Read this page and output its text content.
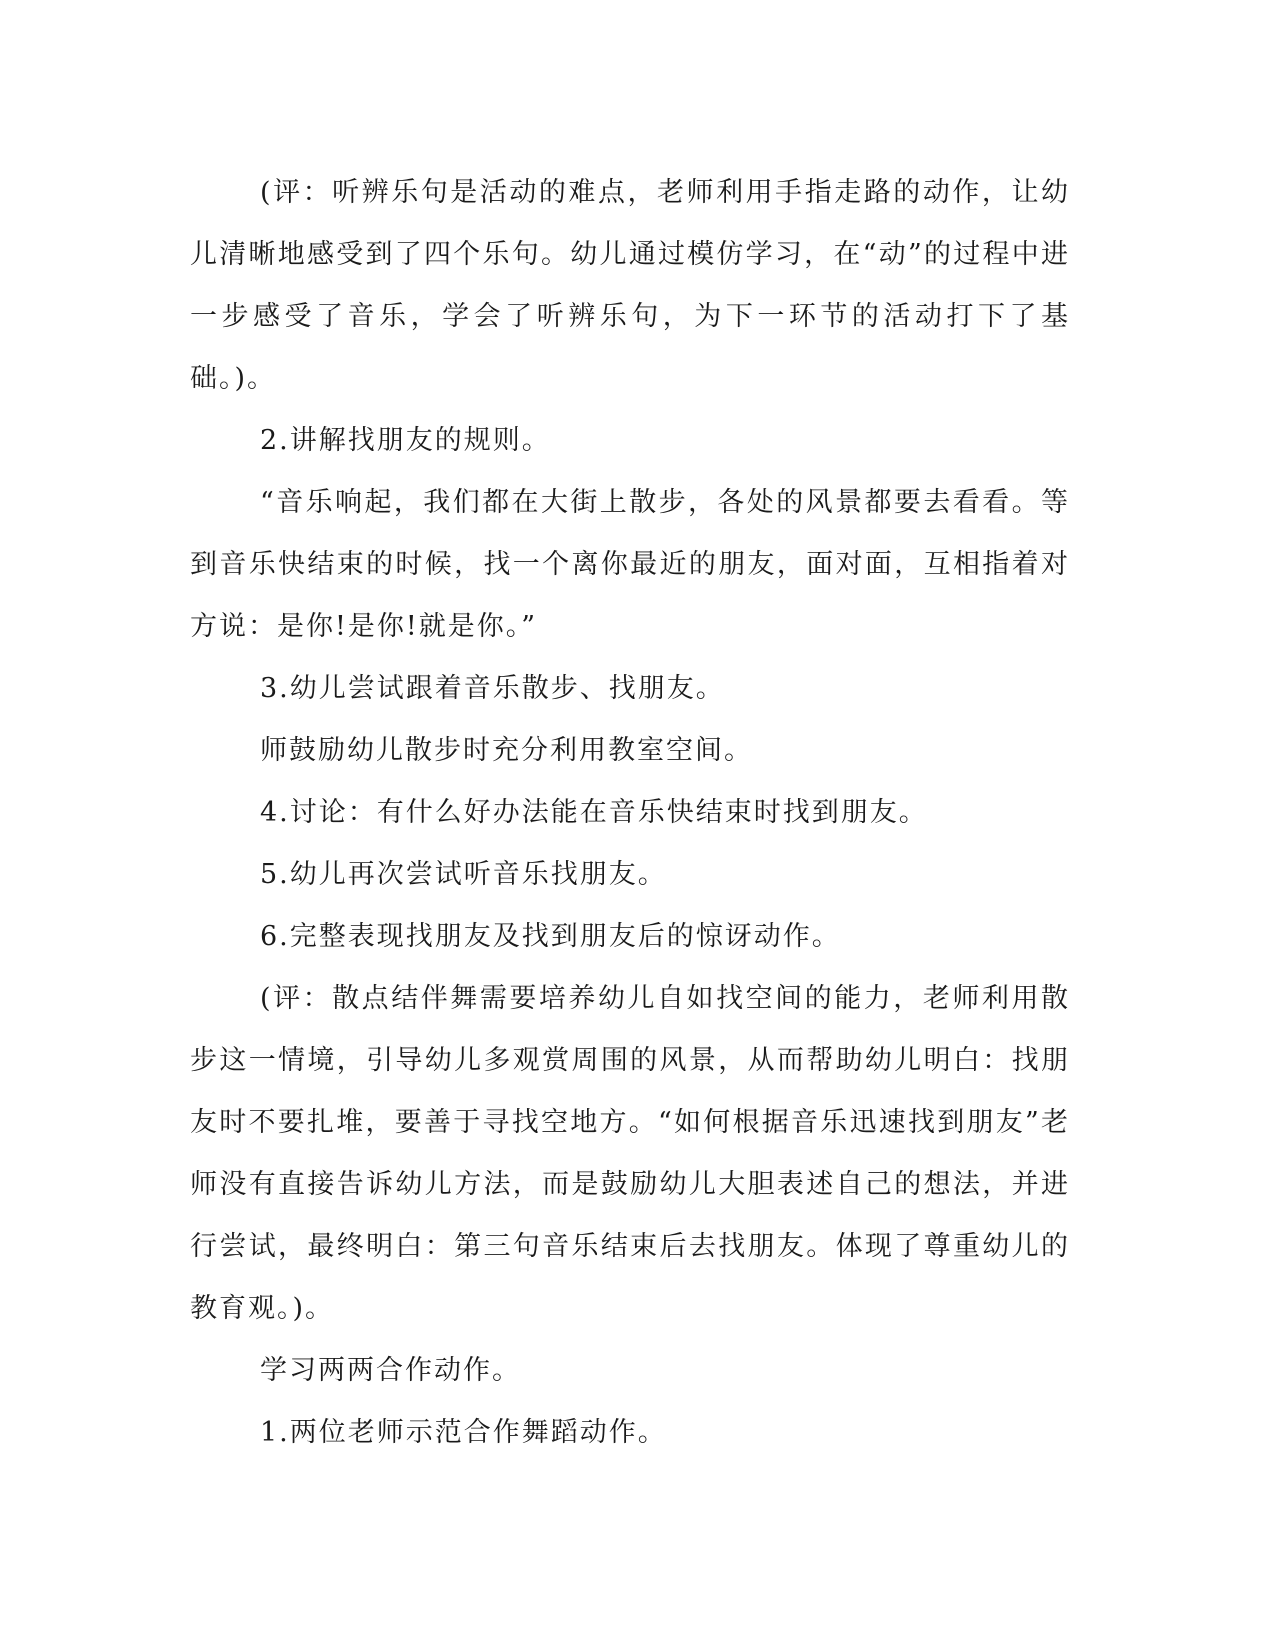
(评：听辨乐句是活动的难点，老师利用手指走路的动作，让幼儿清晰地感受到了四个乐句。幼儿通过模仿学习，在“动”的过程中进一步感受了音乐，学会了听辨乐句，为下一环节的活动打下了基础。)。

2.讲解找朋友的规则。

“音乐响起，我们都在大街上散步，各处的风景都要去看看。等到音乐快结束的时候，找一个离你最近的朋友，面对面，互相指着对方说：是你!是你!就是你。”

3.幼儿尝试跟着音乐散步、找朋友。

师鼓励幼儿散步时充分利用教室空间。

4.讨论：有什么好办法能在音乐快结束时找到朋友。

5.幼儿再次尝试听音乐找朋友。

6.完整表现找朋友及找到朋友后的惊讶动作。

(评：散点结伴舞需要培养幼儿自如找空间的能力，老师利用散步这一情境，引导幼儿多观赏周围的风景，从而帮助幼儿明白：找朋友时不要扎堆，要善于寻找空地方。“如何根据音乐迅速找到朋友”老师没有直接告诉幼儿方法，而是鼓励幼儿大胆表述自己的想法，并进行尝试，最终明白：第三句音乐结束后去找朋友。体现了尊重幼儿的教育观。)。

学习两两合作动作。

1.两位老师示范合作舞蹈动作。
